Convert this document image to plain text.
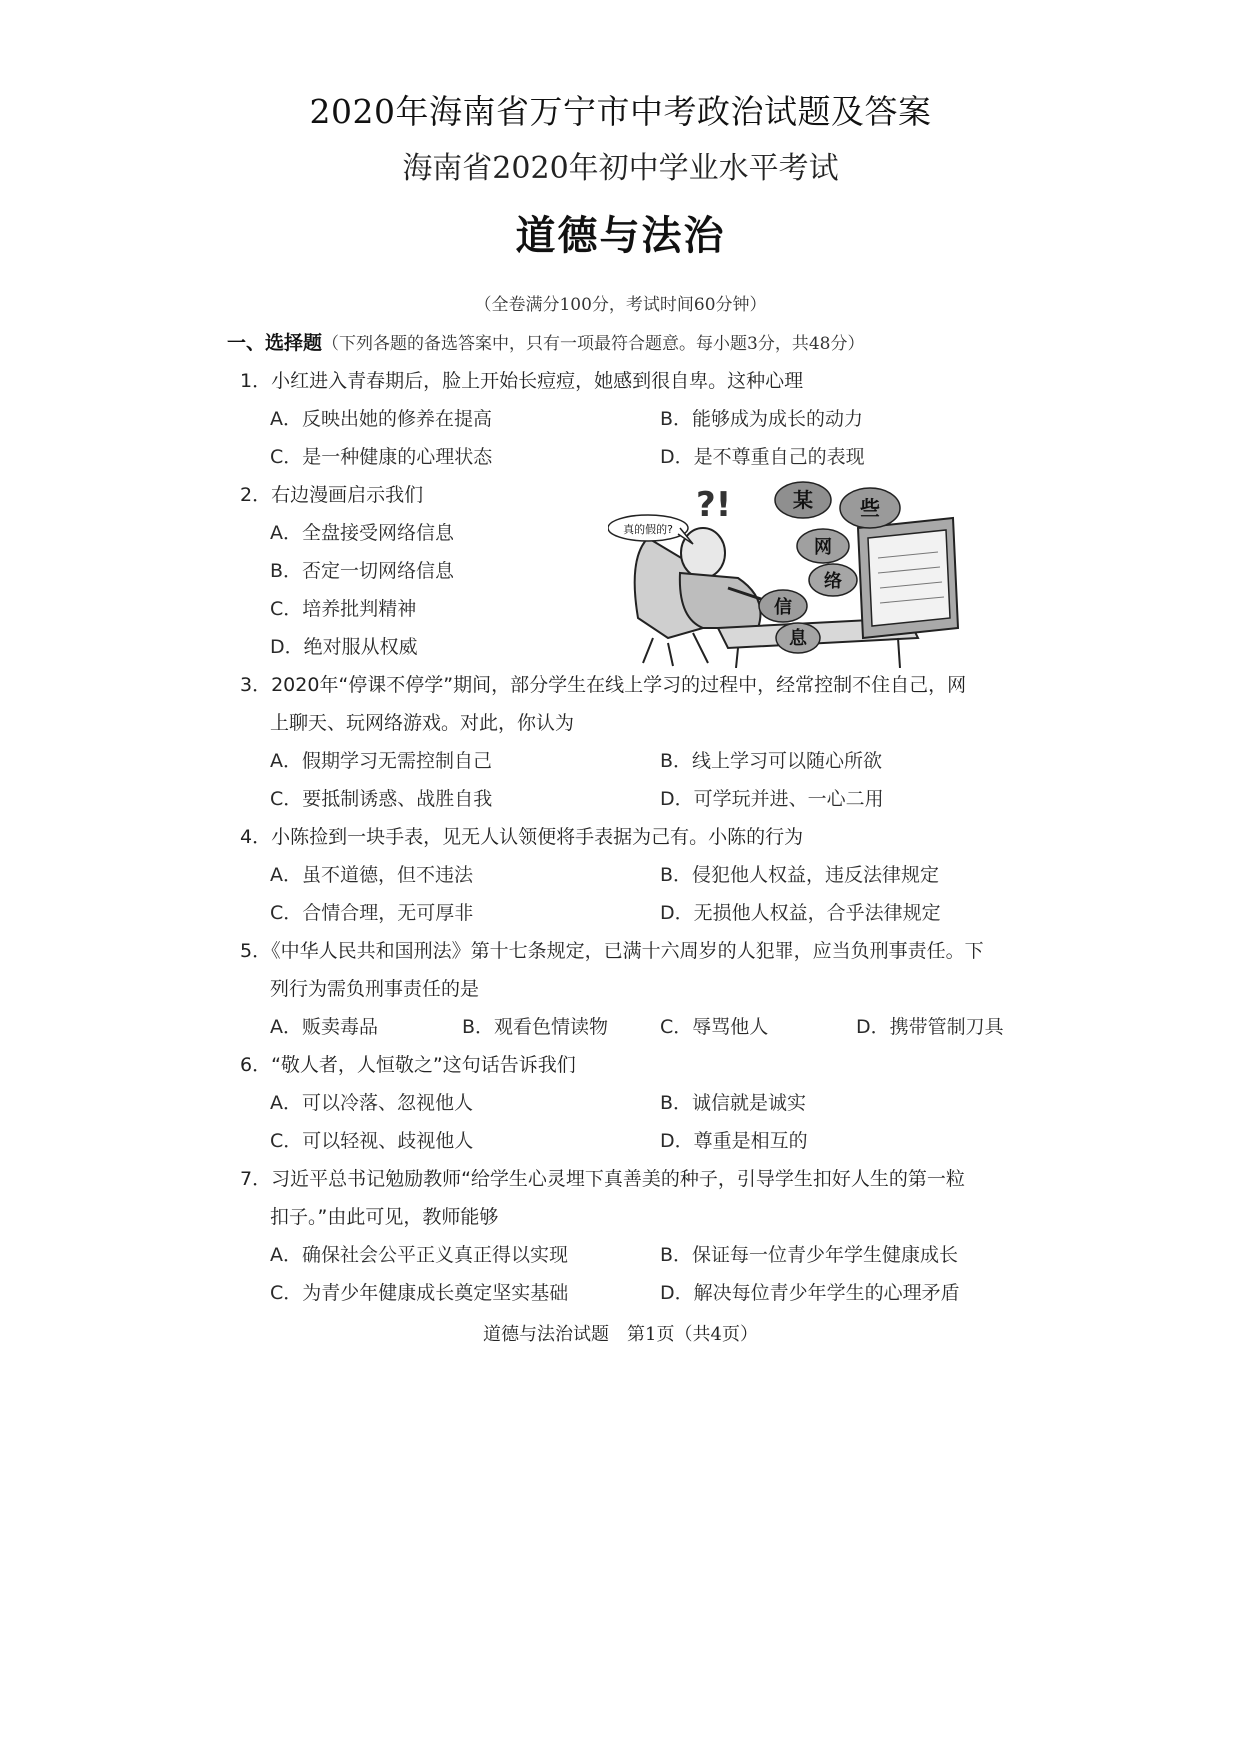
2020年海南省万宁市中考政治试题及答案
海南省2020年初中学业水平考试
道德与法治
（全卷满分100分，考试时间60分钟）
一、选择题（下列各题的备选答案中，只有一项最符合题意。每小题3分，共48分）
1．小红进入青春期后，脸上开始长痘痘，她感到很自卑。这种心理
A．反映出她的修养在提高	B．能够成为成长的动力
C．是一种健康的心理状态	D．是不尊重自己的表现
2．右边漫画启示我们
A．全盘接受网络信息
B．否定一切网络信息
C．培养批判精神
D．绝对服从权威
真的假的?
?!	某 些
网
络
信
息
3．2020年“停课不停学”期间，部分学生在线上学习的过程中，经常控制不住自己，网
上聊天、玩网络游戏。对此，你认为
A．假期学习无需控制自己	B．线上学习可以随心所欲
C．要抵制诱惑、战胜自我	D．可学玩并进、一心二用
4．小陈捡到一块手表，见无人认领便将手表据为己有。小陈的行为
A．虽不道德，但不违法	B．侵犯他人权益，违反法律规定
C．合情合理，无可厚非	D．无损他人权益，合乎法律规定
5．《中华人民共和国刑法》第十七条规定，已满十六周岁的人犯罪，应当负刑事责任。下
列行为需负刑事责任的是
A．贩卖毒品	B．观看色情读物	C．辱骂他人	D．携带管制刀具
6．“敬人者，人恒敬之”这句话告诉我们
A．可以冷落、忽视他人	B．诚信就是诚实
C．可以轻视、歧视他人	D．尊重是相互的
7．习近平总书记勉励教师“给学生心灵埋下真善美的种子，引导学生扣好人生的第一粒
扣子。”由此可见，教师能够
A．确保社会公平正义真正得以实现	B．保证每一位青少年学生健康成长
C．为青少年健康成长奠定坚实基础	D．解决每位青少年学生的心理矛盾
道德与法治试题　第1页（共4页）
